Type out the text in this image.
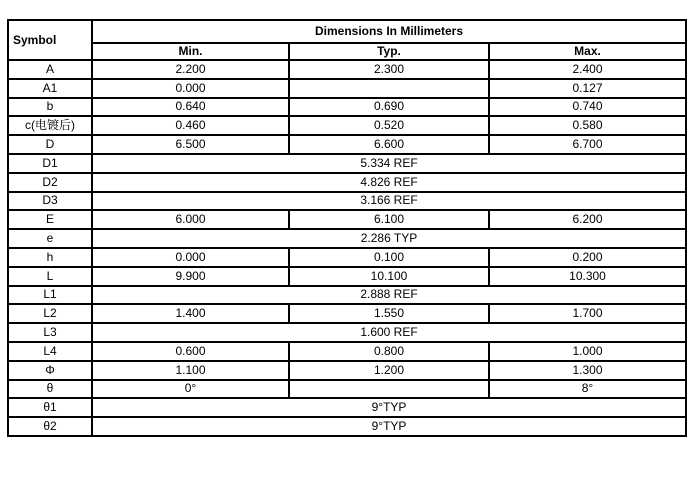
Symbol	Dimensions In Millimeters		
	Min.	Typ.	Max.
A	2.200	2.300	2.400
A1	0.000		0.127
b	0.640	0.690	0.740
c(电镀后)	0.460	0.520	0.580
D	6.500	6.600	6.700
D1	5.334 REF		
D2	4.826 REF		
D3	3.166 REF		
E	6.000	6.100	6.200
e	2.286 TYP		
h	0.000	0.100	0.200
L	9.900	10.100	10.300
L1	2.888 REF		
L2	1.400	1.550	1.700
L3	1.600 REF		
L4	0.600	0.800	1.000
Φ	1.100	1.200	1.300
θ	0°		8°
θ1	9°TYP		
θ2	9°TYP		
